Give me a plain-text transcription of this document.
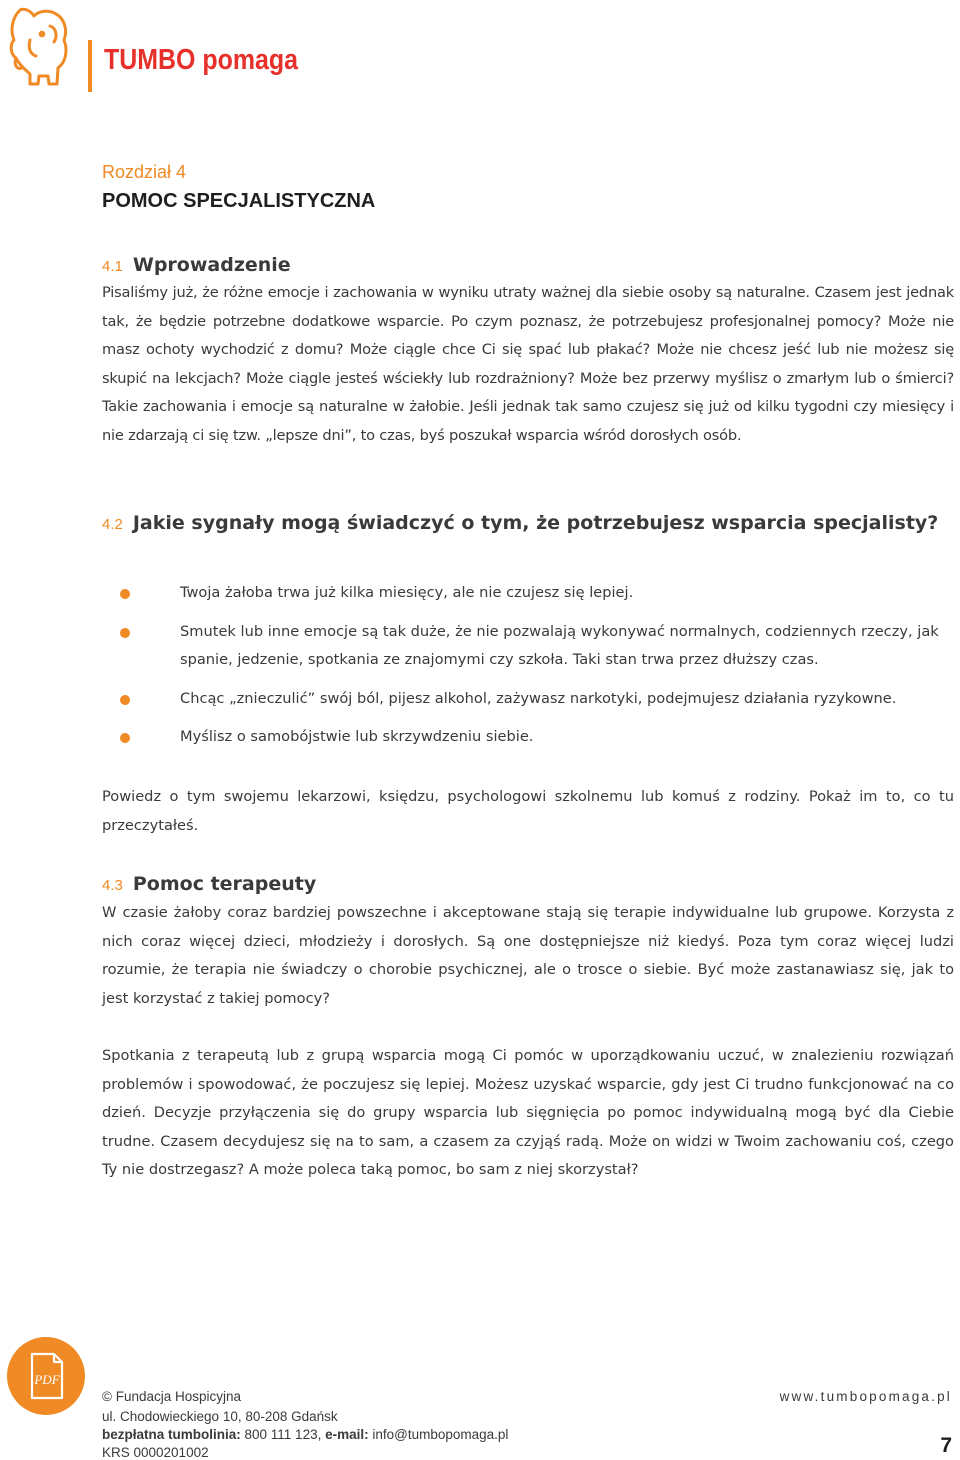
TUMBO pomaga
Rozdział 4
POMOC SPECJALISTYCZNA
4.1 Wprowadzenie

Pisaliśmy już, że różne emocje i zachowania w wyniku utraty ważnej dla siebie osoby są naturalne. Czasem jest jednak tak, że będzie potrzebne dodatkowe wsparcie. Po czym poznasz, że potrzebujesz profesjonalnej pomocy? Może nie masz ochoty wychodzić z domu? Może ciągle chce Ci się spać lub płakać? Może nie chcesz jeść lub nie możesz się skupić na lekcjach? Może ciągle jesteś wściekły lub rozdrażniony? Może bez przerwy myślisz o zmarłym lub o śmierci? Takie zachowania i emocje są naturalne w żałobie. Jeśli jednak tak samo czujesz się już od kilku tygodni czy miesięcy i nie zdarzają ci się tzw. „lepsze dni”, to czas, byś poszukał wsparcia wśród dorosłych osób.

4.2 Jakie sygnały mogą świadczyć o tym, że potrzebujesz wsparcia specjalisty?
Twoja żałoba trwa już kilka miesięcy, ale nie czujesz się lepiej.
Smutek lub inne emocje są tak duże, że nie pozwalają wykonywać normalnych, codziennych rzeczy, jak spanie, jedzenie, spotkania ze znajomymi czy szkoła. Taki stan trwa przez dłuższy czas.
Chcąc „znieczulić” swój ból, pijesz alkohol, zażywasz narkotyki, podejmujesz działania ryzykowne.
Myślisz o samobójstwie lub skrzywdzeniu siebie.

Powiedz o tym swojemu lekarzowi, księdzu, psychologowi szkolnemu lub komuś z rodziny. Pokaż im to, co tu przeczytałeś.

4.3 Pomoc terapeuty

W czasie żałoby coraz bardziej powszechne i akceptowane stają się terapie indywidualne lub grupowe. Korzysta z nich coraz więcej dzieci, młodzieży i dorosłych. Są one dostępniejsze niż kiedyś. Poza tym coraz więcej ludzi rozumie, że terapia nie świadczy o chorobie psychicznej, ale o trosce o siebie. Być może zastanawiasz się, jak to jest korzystać z takiej pomocy?

Spotkania z terapeutą lub z grupą wsparcia mogą Ci pomóc w uporządkowaniu uczuć, w znalezieniu rozwiązań problemów i spowodować, że poczujesz się lepiej. Możesz uzyskać wsparcie, gdy jest Ci trudno funkcjonować na co dzień. Decyzje przyłączenia się do grupy wsparcia lub sięgnięcia po pomoc indywidualną mogą być dla Ciebie trudne. Czasem decydujesz się na to sam, a czasem za czyjąś radą. Może on widzi w Twoim zachowaniu coś, czego Ty nie dostrzegasz? A może poleca taką pomoc, bo sam z niej skorzystał?

PDF
© Fundacja Hospicyjna
ul. Chodowieckiego 10, 80-208 Gdańsk
bezpłatna tumbolinia: 800 111 123, e-mail: info@tumbopomaga.pl
KRS 0000201002
www.tumbopomaga.pl
7
